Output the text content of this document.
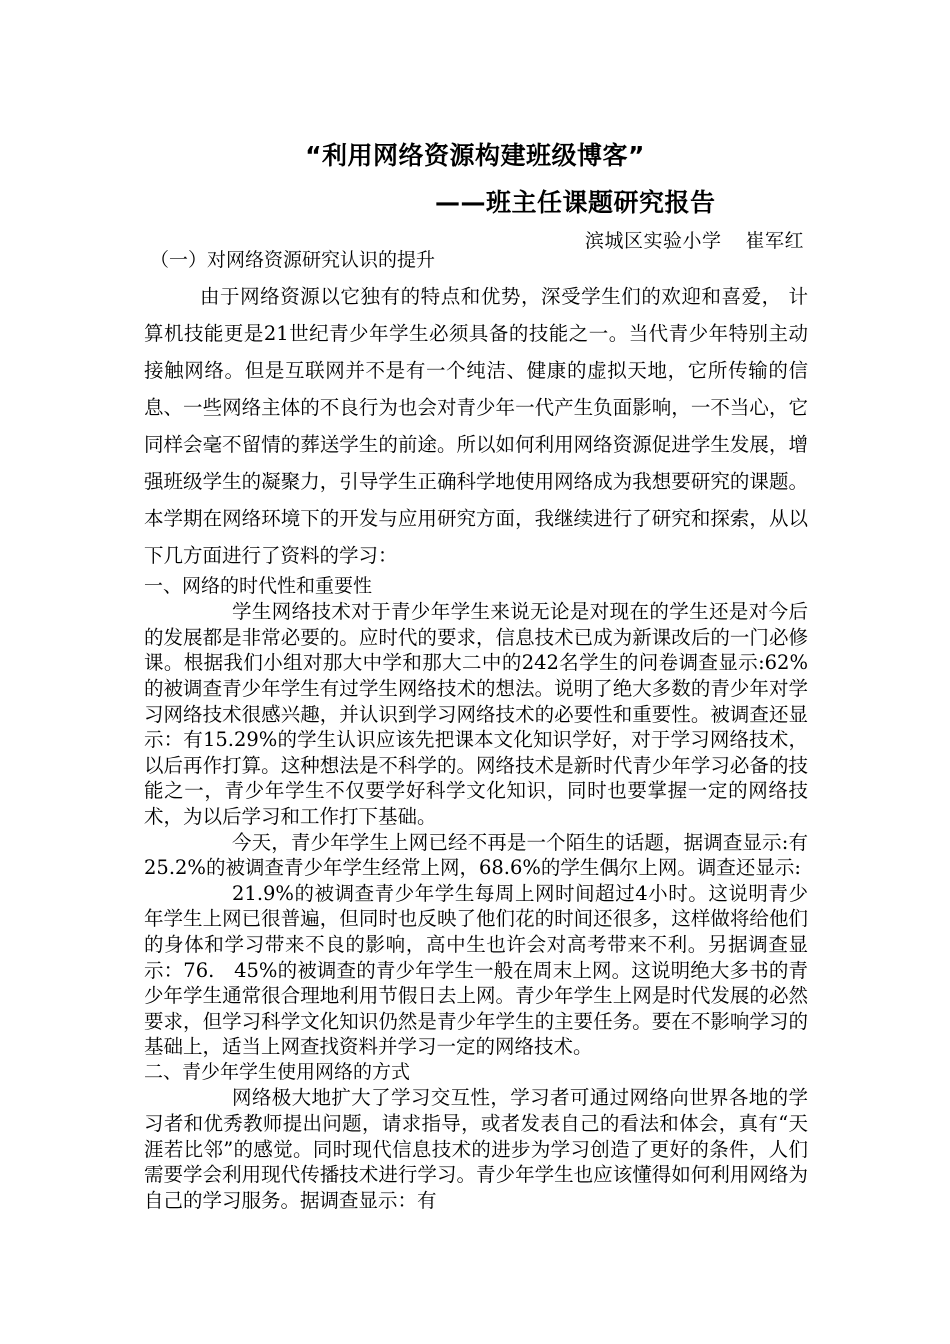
“利用网络资源构建班级博客”
——班主任课题研究报告
滨城区实验小学 崔军红

（一）对网络资源研究认识的提升

由于网络资源以它独有的特点和优势，深受学生们的欢迎和喜爱， 计算机技能更是21世纪青少年学生必须具备的技能之一。当代青少年特别主动接触网络。但是互联网并不是有一个纯洁、健康的虚拟天地，它所传输的信息、一些网络主体的不良行为也会对青少年一代产生负面影响，一不当心，它同样会毫不留情的葬送学生的前途。所以如何利用网络资源促进学生发展，增强班级学生的凝聚力，引导学生正确科学地使用网络成为我想要研究的课题。本学期在网络环境下的开发与应用研究方面，我继续进行了研究和探索，从以下几方面进行了资料的学习：

一、网络的时代性和重要性

学生网络技术对于青少年学生来说无论是对现在的学生还是对今后的发展都是非常必要的。应时代的要求，信息技术已成为新课改后的一门必修课。根据我们小组对那大中学和那大二中的242名学生的问卷调查显示:62%的被调查青少年学生有过学生网络技术的想法。说明了绝大多数的青少年对学习网络技术很感兴趣，并认识到学习网络技术的必要性和重要性。被调查还显示：有15.29%的学生认识应该先把课本文化知识学好，对于学习网络技术，以后再作打算。这种想法是不科学的。网络技术是新时代青少年学习必备的技能之一，青少年学生不仅要学好科学文化知识，同时也要掌握一定的网络技术，为以后学习和工作打下基础。

今天，青少年学生上网已经不再是一个陌生的话题，据调查显示:有25.2%的被调查青少年学生经常上网，68.6%的学生偶尔上网。调查还显示:

21.9%的被调查青少年学生每周上网时间超过4小时。这说明青少年学生上网已很普遍，但同时也反映了他们花的时间还很多，这样做将给他们的身体和学习带来不良的影响，高中生也许会对高考带来不利。另据调查显示：76.　45%的被调查的青少年学生一般在周末上网。这说明绝大多书的青少年学生通常很合理地利用节假日去上网。青少年学生上网是时代发展的必然要求，但学习科学文化知识仍然是青少年学生的主要任务。要在不影响学习的基础上，适当上网查找资料并学习一定的网络技术。

二、青少年学生使用网络的方式

网络极大地扩大了学习交互性，学习者可通过网络向世界各地的学习者和优秀教师提出问题，请求指导，或者发表自己的看法和体会，真有“天涯若比邻”的感觉。同时现代信息技术的进步为学习创造了更好的条件，人们需要学会利用现代传播技术进行学习。青少年学生也应该懂得如何利用网络为自己的学习服务。据调查显示：有
